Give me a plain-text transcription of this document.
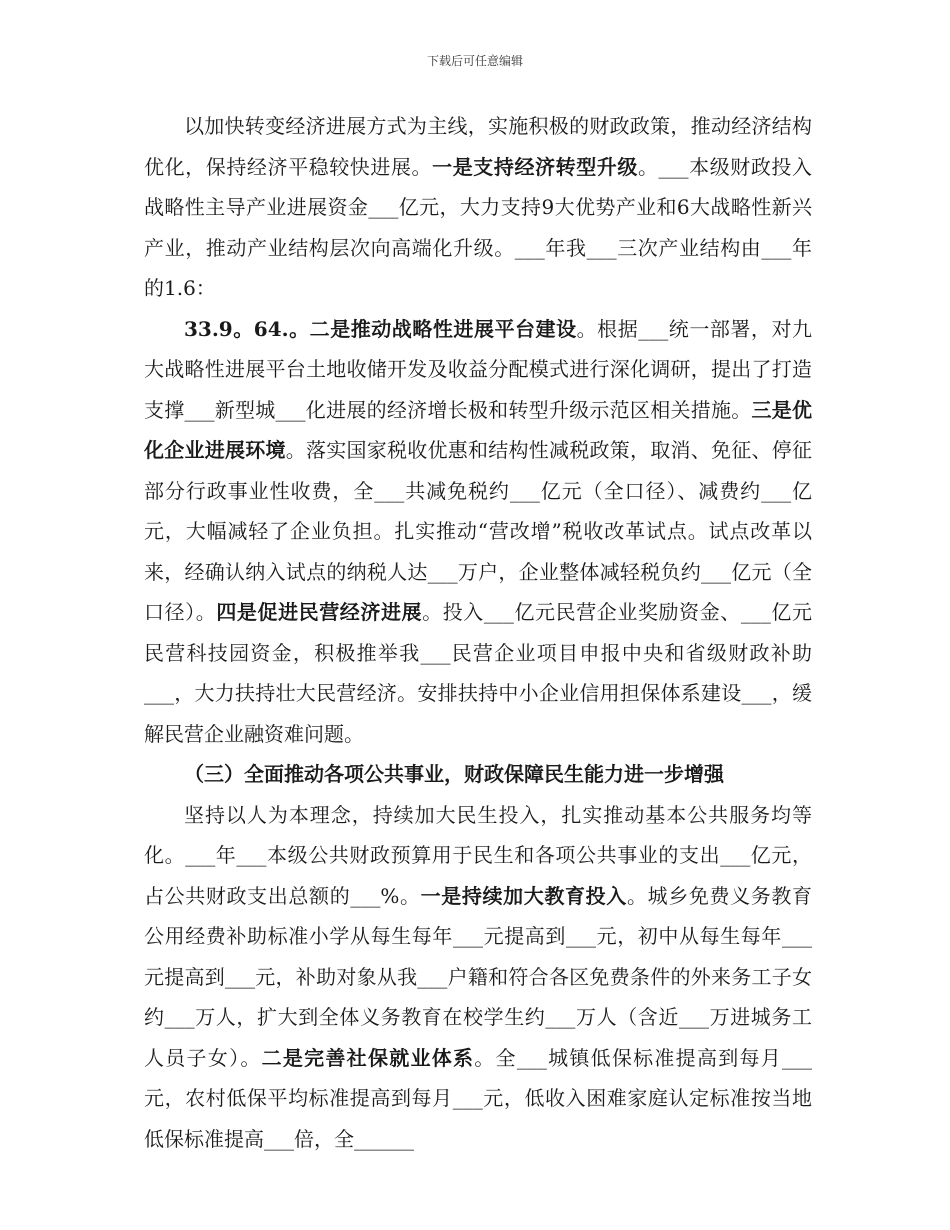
下载后可任意编辑

以加快转变经济进展方式为主线，实施积极的财政政策，推动经济结构优化，保持经济平稳较快进展。一是支持经济转型升级。___本级财政投入战略性主导产业进展资金___亿元，大力支持9大优势产业和6大战略性新兴产业，推动产业结构层次向高端化升级。___年我___三次产业结构由___年的1.6：

33.9。64.。二是推动战略性进展平台建设。根据___统一部署，对九大战略性进展平台土地收储开发及收益分配模式进行深化调研，提出了打造支撑___新型城___化进展的经济增长极和转型升级示范区相关措施。三是优化企业进展环境。落实国家税收优惠和结构性减税政策，取消、免征、停征部分行政事业性收费，全___共减免税约___亿元（全口径）、减费约___亿元，大幅减轻了企业负担。扎实推动“营改增”税收改革试点。试点改革以来，经确认纳入试点的纳税人达___万户，企业整体减轻税负约___亿元（全口径）。四是促进民营经济进展。投入___亿元民营企业奖励资金、___亿元民营科技园资金，积极推举我___民营企业项目申报中央和省级财政补助___，大力扶持壮大民营经济。安排扶持中小企业信用担保体系建设___，缓解民营企业融资难问题。

（三）全面推动各项公共事业，财政保障民生能力进一步增强

坚持以人为本理念，持续加大民生投入，扎实推动基本公共服务均等化。___年___本级公共财政预算用于民生和各项公共事业的支出___亿元，占公共财政支出总额的___%。一是持续加大教育投入。城乡免费义务教育公用经费补助标准小学从每生每年___元提高到___元，初中从每生每年___元提高到___元，补助对象从我___户籍和符合各区免费条件的外来务工子女约___万人，扩大到全体义务教育在校学生约___万人（含近___万进城务工人员子女）。二是完善社保就业体系。全___城镇低保标准提高到每月___元，农村低保平均标准提高到每月___元，低收入困难家庭认定标准按当地低保标准提高___倍，全______
